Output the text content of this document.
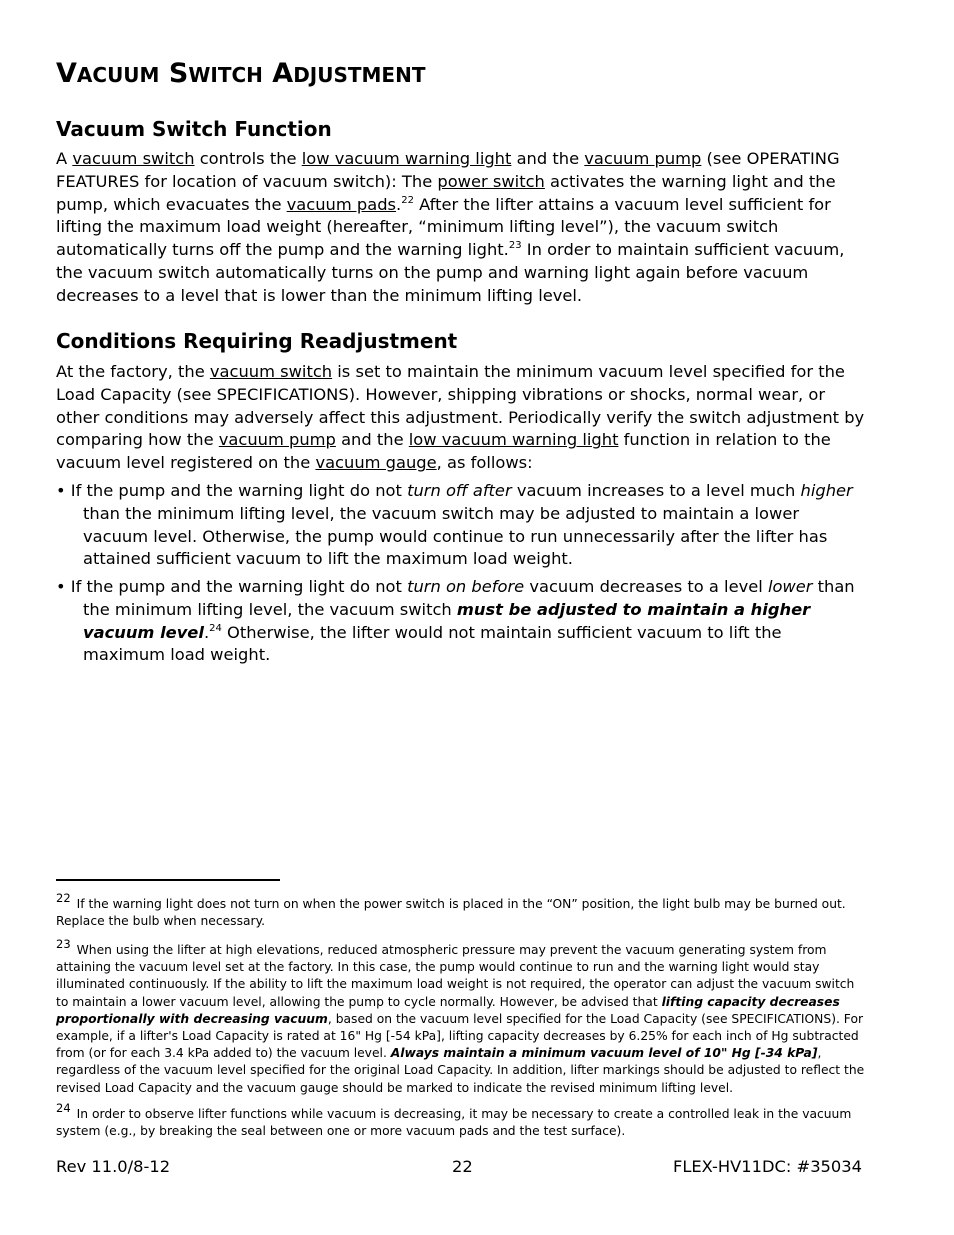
VACUUM SWITCH ADJUSTMENT
Vacuum Switch Function

A vacuum switch controls the low vacuum warning light and the vacuum pump (see OPERATING FEATURES for location of vacuum switch): The power switch activates the warning light and the pump, which evacuates the vacuum pads.$^{22}$ After the lifter attains a vacuum level sufficient for lifting the maximum load weight (hereafter, “minimum lifting level”), the vacuum switch automatically turns off the pump and the warning light.$^{23}$ In order to maintain sufficient vacuum, the vacuum switch automatically turns on the pump and warning light again before vacuum decreases to a level that is lower than the minimum lifting level.

Conditions Requiring Readjustment

At the factory, the vacuum switch is set to maintain the minimum vacuum level specified for the Load Capacity (see SPECIFICATIONS). However, shipping vibrations or shocks, normal wear, or other conditions may adversely affect this adjustment. Periodically verify the switch adjustment by comparing how the vacuum pump and the low vacuum warning light function in relation to the vacuum level registered on the vacuum gauge, as follows:

• If the pump and the warning light do not turn off after vacuum increases to a level much higher than the minimum lifting level, the vacuum switch may be adjusted to maintain a lower vacuum level. Otherwise, the pump would continue to run unnecessarily after the lifter has attained sufficient vacuum to lift the maximum load weight.

• If the pump and the warning light do not turn on before vacuum decreases to a level lower than the minimum lifting level, the vacuum switch must be adjusted to maintain a higher vacuum level.$^{24}$ Otherwise, the lifter would not maintain sufficient vacuum to lift the maximum load weight.

$^{22}$ If the warning light does not turn on when the power switch is placed in the “ON” position, the light bulb may be burned out. Replace the bulb when necessary.

$^{23}$ When using the lifter at high elevations, reduced atmospheric pressure may prevent the vacuum generating system from attaining the vacuum level set at the factory. In this case, the pump would continue to run and the warning light would stay illuminated continuously. If the ability to lift the maximum load weight is not required, the operator can adjust the vacuum switch to maintain a lower vacuum level, allowing the pump to cycle normally. However, be advised that lifting capacity decreases proportionally with decreasing vacuum, based on the vacuum level specified for the Load Capacity (see SPECIFICATIONS). For example, if a lifter's Load Capacity is rated at 16" Hg [-54 kPa], lifting capacity decreases by 6.25% for each inch of Hg subtracted from (or for each 3.4 kPa added to) the vacuum level. Always maintain a minimum vacuum level of 10" Hg [-34 kPa], regardless of the vacuum level specified for the original Load Capacity. In addition, lifter markings should be adjusted to reflect the revised Load Capacity and the vacuum gauge should be marked to indicate the revised minimum lifting level.

$^{24}$ In order to observe lifter functions while vacuum is decreasing, it may be necessary to create a controlled leak in the vacuum system (e.g., by breaking the seal between one or more vacuum pads and the test surface).

Rev 11.0/8-12	22	FLEX-HV11DC: #35034
